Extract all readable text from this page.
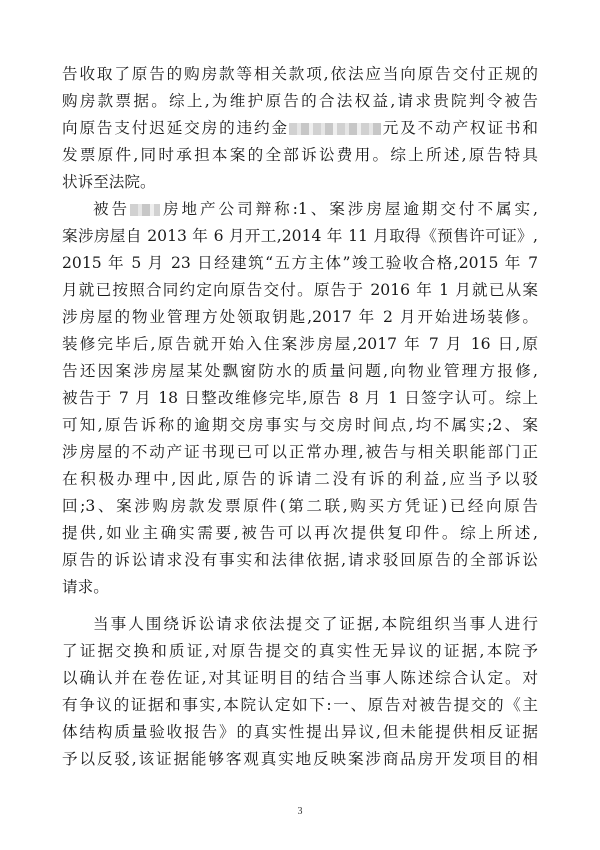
告收取了原告的购房款等相关款项,依法应当向原告交付正规的
购房款票据。综上,为维护原告的合法权益,请求贵院判令被告
向原告支付迟延交房的违约金	元及不动产权证书和
发票原件,同时承担本案的全部诉讼费用。综上所述,原告特具
状诉至法院。
被告 房地产公司辩称:1、案涉房屋逾期交付不属实,
案涉房屋自 2013 年 6 月开工,2014 年 11 月取得《预售许可证》,
2015 年 5 月 23 日经建筑“五方主体”竣工验收合格,2015 年 7
月就已按照合同约定向原告交付。原告于 2016 年 1 月就已从案
涉房屋的物业管理方处领取钥匙,2017 年 2 月开始进场装修。
装修完毕后,原告就开始入住案涉房屋,2017 年 7 月 16 日,原
告还因案涉房屋某处飘窗防水的质量问题,向物业管理方报修,
被告于 7 月 18 日整改维修完毕,原告 8 月 1 日签字认可。综上
可知,原告诉称的逾期交房事实与交房时间点,均不属实;2、案
涉房屋的不动产证书现已可以正常办理,被告与相关职能部门正
在积极办理中,因此,原告的诉请二没有诉的利益,应当予以驳
回;3、案涉购房款发票原件(第二联,购买方凭证)已经向原告
提供,如业主确实需要,被告可以再次提供复印件。综上所述,
原告的诉讼请求没有事实和法律依据,请求驳回原告的全部诉讼
请求。
当事人围绕诉讼请求依法提交了证据,本院组织当事人进行
了证据交换和质证,对原告提交的真实性无异议的证据,本院予
以确认并在卷佐证,对其证明目的结合当事人陈述综合认定。对
有争议的证据和事实,本院认定如下:一、原告对被告提交的《主
体结构质量验收报告》的真实性提出异议,但未能提供相反证据
予以反驳,该证据能够客观真实地反映案涉商品房开发项目的相
3
